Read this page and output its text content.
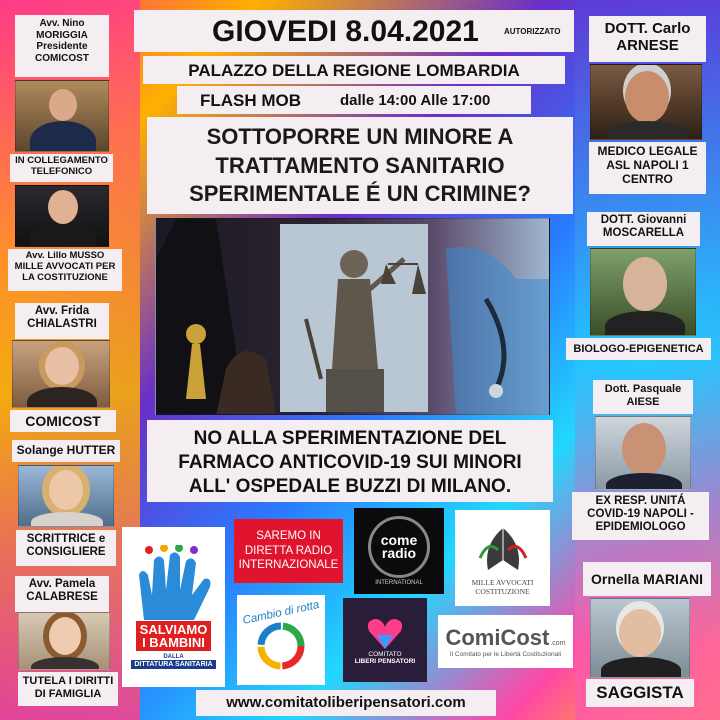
GIOVEDI 8.04.2021	AUTORIZZATO
PALAZZO DELLA REGIONE LOMBARDIA
FLASH MOB	dalle 14:00 Alle 17:00
SOTTOPORRE UN MINORE A
TRATTAMENTO SANITARIO
SPERIMENTALE É UN CRIMINE?
NO ALLA SPERIMENTAZIONE DEL
FARMACO ANTICOVID-19 SUI MINORI
ALL' OSPEDALE BUZZI DI MILANO.
Avv. Nino
MORIGGIA
Presidente
COMICOST
IN COLLEGAMENTO
TELEFONICO
Avv. Lillo MUSSO
MILLE AVVOCATI PER
LA COSTITUZIONE
Avv. Frida
CHIALASTRI
COMICOST
Solange HUTTER
SCRITTRICE e
CONSIGLIERE
Avv. Pamela
CALABRESE
TUTELA I DIRITTI
DI FAMIGLIA
DOTT. Carlo
ARNESE
MEDICO LEGALE
ASL NAPOLI 1
CENTRO
DOTT. Giovanni
MOSCARELLA
BIOLOGO-EPIGENETICA
Dott. Pasquale
AIESE
EX RESP. UNITÁ
COVID-19 NAPOLI -
EPIDEMIOLOGO
Ornella MARIANI
SAGGISTA
SALVIAMO
I BAMBINI
DALLA
DITTATURA SANITARIA
SAREMO IN
DIRETTA RADIO
INTERNAZIONALE
come
radio
INTERNATIONAL	MILLE AVVOCATI
COSTITUZIONE
Cambio di rotta
COMITATO
LIBERI PENSATORI
ComiCost .com
Il Comitato per le Libertà Costituzionali
www.comitatoliberipensatori.com
